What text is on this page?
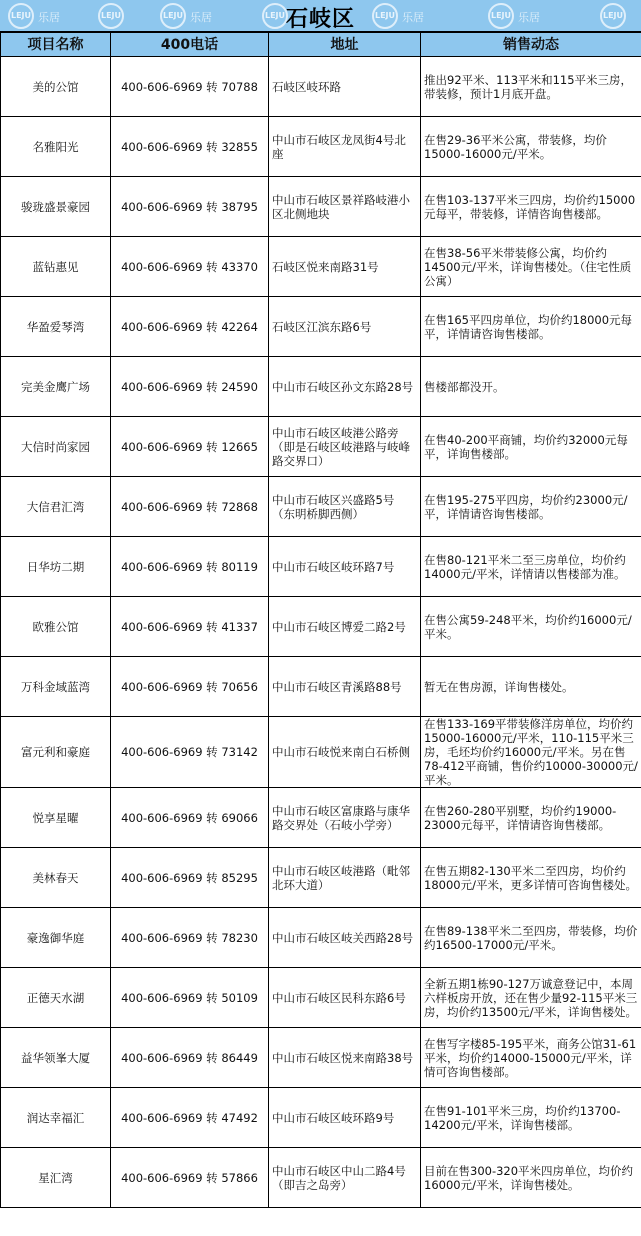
LEJU 乐居	LEJU	LEJU 乐居	LEJU	LEJU 乐居	LEJU 乐居	LEJU
石岐区
项目名称	400电话	地址	销售动态
美的公馆	400-606-6969 转 70788	石岐区岐环路	推出92平米、113平米和115平米三房，带装修，预计1月底开盘。
名雅阳光	400-606-6969 转 32855	中山市石岐区龙凤街4号北座	在售29-36平米公寓，带装修，均价15000-16000元/平米。
骏珑盛景豪园	400-606-6969 转 38795	中山市石岐区景祥路岐港小区北侧地块	在售103-137平米三四房，均价约15000元每平，带装修，详情咨询售楼部。
蓝钻惠见	400-606-6969 转 43370	石岐区悦来南路31号	在售38-56平米带装修公寓，均价约14500元/平米，详询售楼处。（住宅性质公寓）
华盈爱琴湾	400-606-6969 转 42264	石岐区江滨东路6号	在售165平四房单位，均价约18000元每平，详情请咨询售楼部。
完美金鹰广场	400-606-6969 转 24590	中山市石岐区孙文东路28号	售楼部都没开。
大信时尚家园	400-606-6969 转 12665	中山市石岐区岐港公路旁（即是石岐区岐港路与岐峰路交界口）	在售40-200平商铺，均价约32000元每平，详询售楼部。
大信君汇湾	400-606-6969 转 72868	中山市石岐区兴盛路5号（东明桥脚西侧）	在售195-275平四房，均价约23000元/平，详情请咨询售楼部。
日华坊二期	400-606-6969 转 80119	中山市石岐区岐环路7号	在售80-121平米二至三房单位，均价约14000元/平米，详情请以售楼部为准。
欧雅公馆	400-606-6969 转 41337	中山市石岐区博爱二路2号	在售公寓59-248平米，均价约16000元/平米。
万科金域蓝湾	400-606-6969 转 70656	中山市石岐区青溪路88号	暂无在售房源，详询售楼处。
富元利和豪庭	400-606-6969 转 73142	中山市石岐悦来南白石桥侧	在售133-169平带装修洋房单位，均价约15000-16000元/平米，110-115平米三房，毛坯均价约16000元/平米。另在售78-412平商铺，售价约10000-30000元/平米。
悦享星曜	400-606-6969 转 69066	中山市石岐区富康路与康华路交界处（石岐小学旁）	在售260-280平别墅，均价约19000-23000元每平，详情请咨询售楼部。
美林春天	400-606-6969 转 85295	中山市石岐区岐港路（毗邻北环大道）	在售五期82-130平米二至四房，均价约18000元/平米，更多详情可咨询售楼处。
豪逸御华庭	400-606-6969 转 78230	中山市石岐区岐关西路28号	在售89-138平米二至四房，带装修，均价约16500-17000元/平米。
正德天水湖	400-606-6969 转 50109	中山市石岐区民科东路6号	全新五期1栋90-127万诚意登记中，本周六样板房开放，还在售少量92-115平米三房，均价约13500元/平米，详询售楼处。
益华领峯大厦	400-606-6969 转 86449	中山市石岐区悦来南路38号	在售写字楼85-195平米，商务公馆31-61平米，均价约14000-15000元/平米，详情可咨询售楼部。
润达幸福汇	400-606-6969 转 47492	中山市石岐区岐环路9号	在售91-101平米三房，均价约13700-14200元/平米，详询售楼部。
星汇湾	400-606-6969 转 57866	中山市石岐区中山二路4号（即吉之岛旁）	目前在售300-320平米四房单位，均价约16000元/平米，详询售楼处。
